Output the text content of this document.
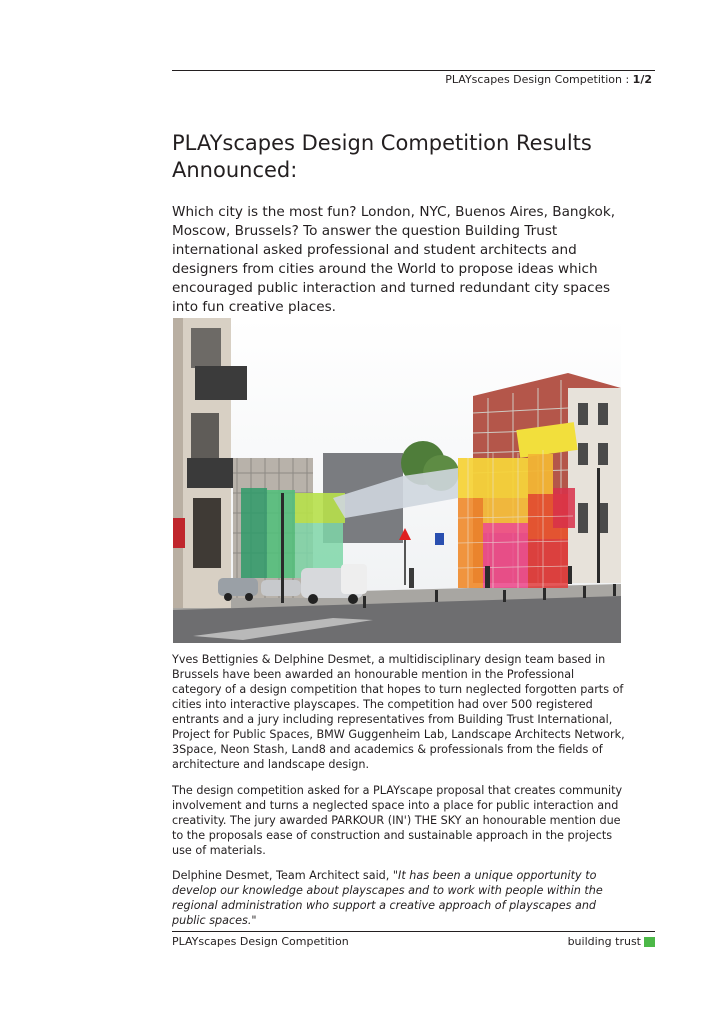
PLAYscapes Design Competition : 1/2
PLAYscapes Design Competition Results Announced:

Which city is the most fun? London, NYC, Buenos Aires, Bangkok, Moscow, Brussels? To answer the question Building Trust international asked professional and student architects and designers from cities around the World to propose ideas which encouraged public interaction and turned redundant city spaces into fun creative places.

Yves Bettignies & Delphine Desmet, a multidisciplinary design team based in Brussels have been awarded an honourable mention in the Professional category of a design competition that hopes to turn neglected forgotten parts of cities into interactive playscapes. The competition had over 500 registered entrants and a jury including representatives from Building Trust International, Project for Public Spaces, BMW Guggenheim Lab, Landscape Architects Network, 3Space, Neon Stash, Land8 and academics & professionals from the fields of architecture and landscape design.

The design competition asked for a PLAYscape proposal that creates community involvement and turns a neglected space into a place for public interaction and creativity. The jury awarded PARKOUR (IN') THE SKY an honourable mention due to the proposals ease of construction and sustainable approach in the projects use of materials.

Delphine Desmet, Team Architect said, "It has been a unique opportunity to develop our knowledge about playscapes and to work with people within the regional administration who support a creative approach of playscapes and public spaces."

PLAYscapes Design Competition	building trust
